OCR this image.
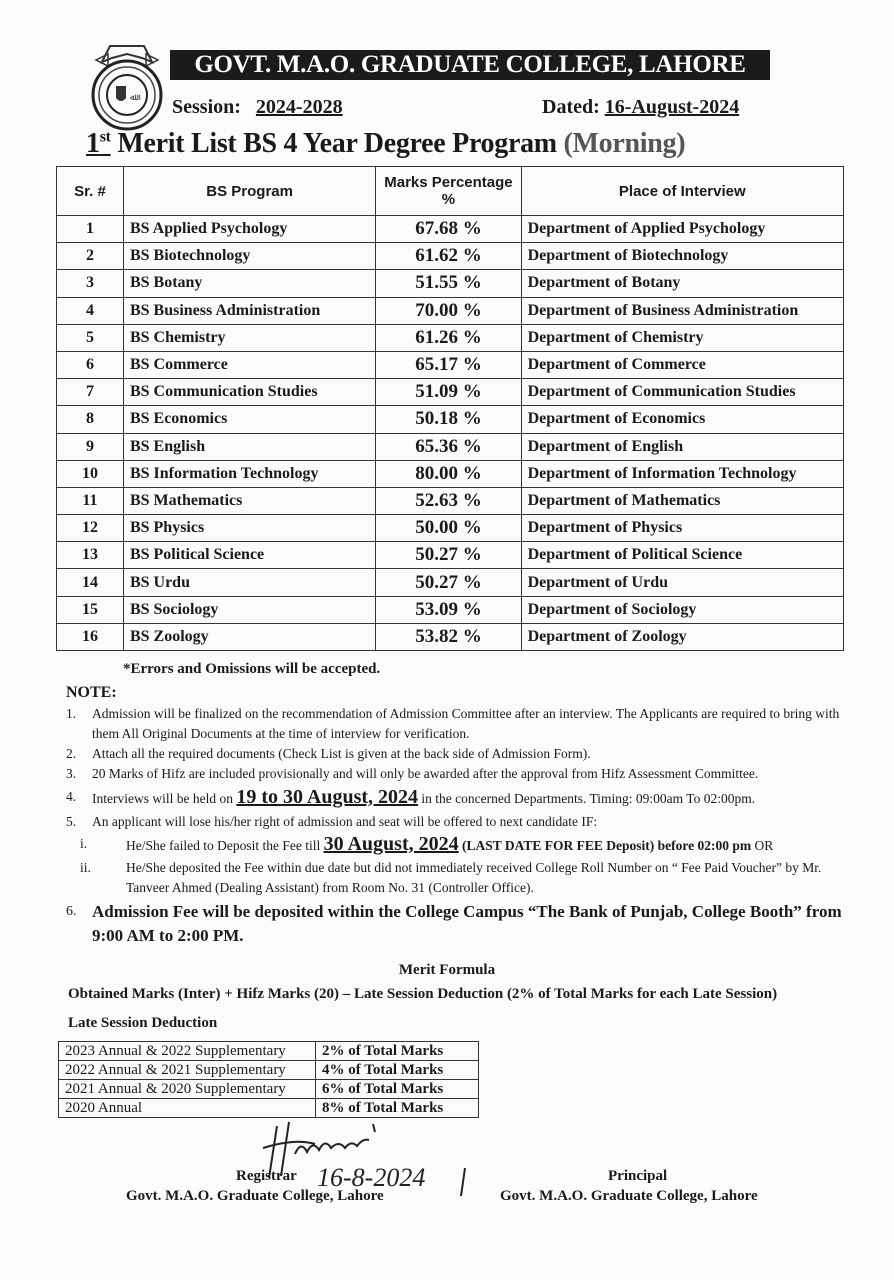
ﷲ
GOVT. M.A.O. GRADUATE COLLEGE, LAHORE
Session: 2024-2028	Dated: 16-August-2024
1st Merit List BS 4 Year Degree Program (Morning)
Sr. #	BS Program	Marks Percentage %	Place of Interview
1	BS Applied Psychology	67.68 %	Department of Applied Psychology
2	BS Biotechnology	61.62 %	Department of Biotechnology
3	BS Botany	51.55 %	Department of Botany
4	BS Business Administration	70.00 %	Department of Business Administration
5	BS Chemistry	61.26 %	Department of Chemistry
6	BS Commerce	65.17 %	Department of Commerce
7	BS Communication Studies	51.09 %	Department of Communication Studies
8	BS Economics	50.18 %	Department of Economics
9	BS English	65.36 %	Department of English
10	BS Information Technology	80.00 %	Department of Information Technology
11	BS Mathematics	52.63 %	Department of Mathematics
12	BS Physics	50.00 %	Department of Physics
13	BS Political Science	50.27 %	Department of Political Science
14	BS Urdu	50.27 %	Department of Urdu
15	BS Sociology	53.09 %	Department of Sociology
16	BS Zoology	53.82 %	Department of Zoology
*Errors and Omissions will be accepted.
NOTE:
1.	Admission will be finalized on the recommendation of Admission Committee after an interview. The Applicants are required to bring with them All Original Documents at the time of interview for verification.
2.	Attach all the required documents (Check List is given at the back side of Admission Form).
3.	20 Marks of Hifz are included provisionally and will only be awarded after the approval from Hifz Assessment Committee.
4.	Interviews will be held on 19 to 30 August, 2024 in the concerned Departments. Timing: 09:00am To 02:00pm.
5.	An applicant will lose his/her right of admission and seat will be offered to next candidate IF:
i.	He/She failed to Deposit the Fee till 30 August, 2024 (LAST DATE FOR FEE Deposit) before 02:00 pm OR
ii.	He/She deposited the Fee within due date but did not immediately received College Roll Number on “ Fee Paid Voucher” by Mr. Tanveer Ahmed (Dealing Assistant) from Room No. 31 (Controller Office).
6. Admission Fee will be deposited within the College Campus “The Bank of Punjab, College Booth” from 9:00 AM to 2:00 PM.
Merit Formula
Obtained Marks (Inter) + Hifz Marks (20) – Late Session Deduction (2% of Total Marks for each Late Session)
Late Session Deduction
2023 Annual & 2022 Supplementary	2% of Total Marks
2022 Annual & 2021 Supplementary	4% of Total Marks
2021 Annual & 2020 Supplementary	6% of Total Marks
2020 Annual	8% of Total Marks
16-8-2024
Registrar
Govt. M.A.O. Graduate College, Lahore
Principal
Govt. M.A.O. Graduate College, Lahore
